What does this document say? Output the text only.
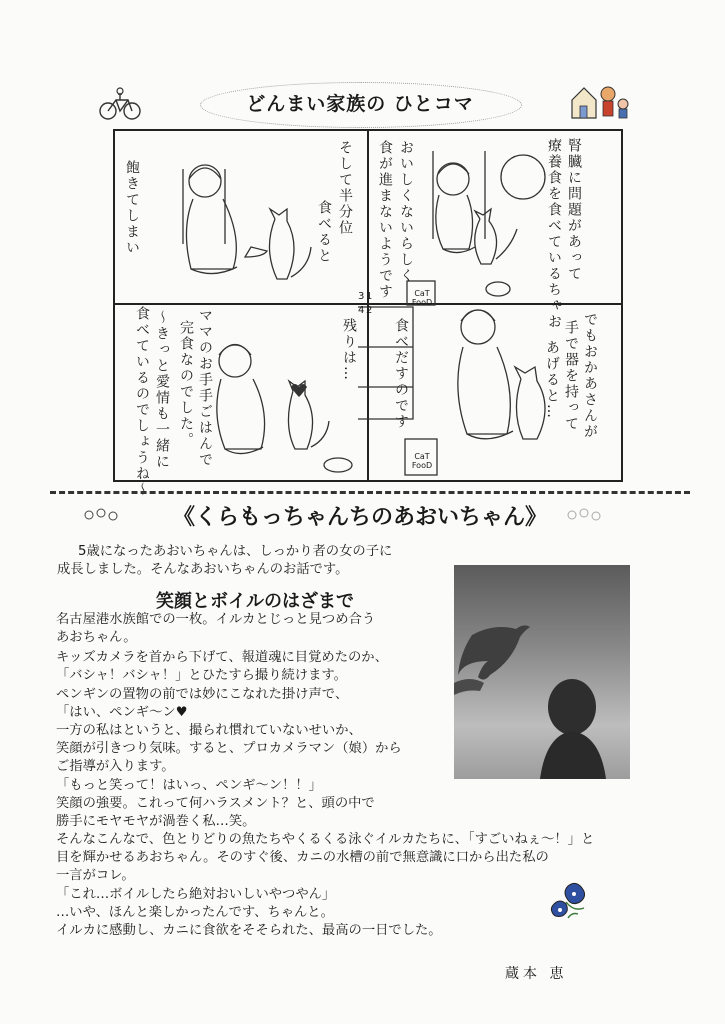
どんまい家族の ひとコマ
腎臓に問題があって
療養食を食べているちゃお
おいしくないらしく
食が進まないようです
そして半分位
食べると
飽きてしまい
でもおかあさんが
手で器を持って
あげると…
食べだすのです
残りは…
ママのお手手ごはんで
完食なのでした。
～きっと愛情も一緒に
食べているのでしょうね～
3 1
4 2
CaT FooD
CaT FooD
《くらもっちゃんちのあおいちゃん》
5歳になったあおいちゃんは、しっかり者の女の子に
成長しました。そんなあおいちゃんのお話です。
笑顔とボイルのはざまで
名古屋港水族館での一枚。イルカとじっと見つめ合う
あおちゃん。
キッズカメラを首から下げて、報道魂に目覚めたのか、
「バシャ！バシャ！」とひたすら撮り続けます。
ペンギンの置物の前では妙にこなれた掛け声で、
「はい、ペンギ～ン♥
一方の私はというと、撮られ慣れていないせいか、
笑顔が引きつり気味。すると、プロカメラマン（娘）から
ご指導が入ります。
「もっと笑って！はいっ、ペンギ～ン！！」
笑顔の強要。これって何ハラスメント？と、頭の中で
勝手にモヤモヤが渦巻く私…笑。
そんなこんなで、色とりどりの魚たちやくるくる泳ぐイルカたちに、「すごいねぇ～！」と
目を輝かせるあおちゃん。そのすぐ後、カニの水槽の前で無意識に口から出た私の
一言がコレ。
「これ…ボイルしたら絶対おいしいやつやん」
…いや、ほんと楽しかったんです、ちゃんと。
イルカに感動し、カニに食欲をそそられた、最高の一日でした。
蔵本 恵
